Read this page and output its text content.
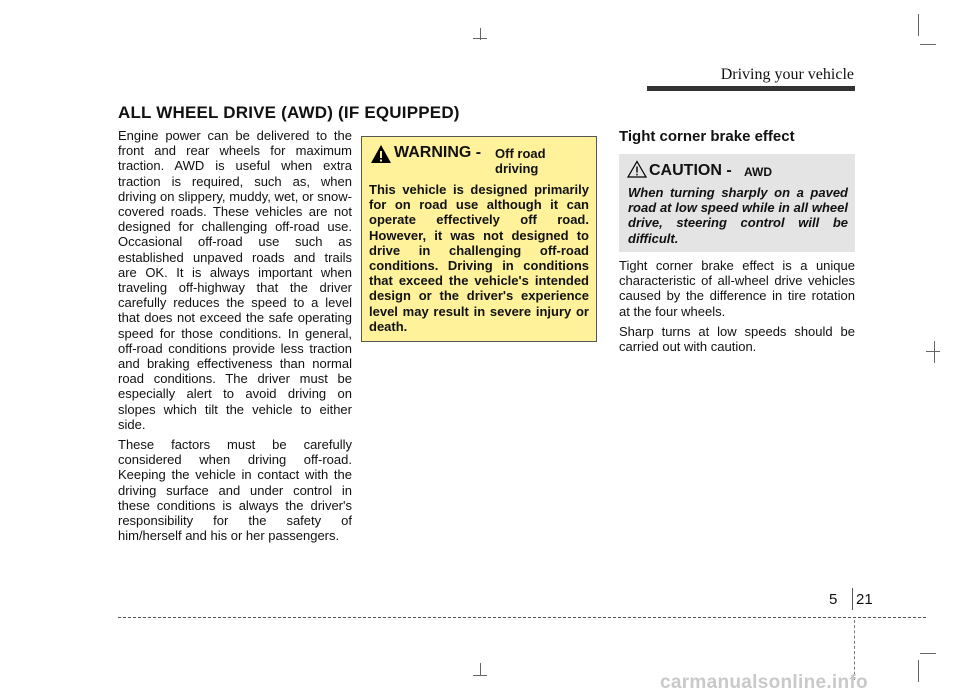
Driving your vehicle
ALL WHEEL DRIVE (AWD) (IF EQUIPPED)

Engine power can be delivered to the front and rear wheels for maximum traction. AWD is useful when extra traction is required, such as, when driving on slippery, muddy, wet, or snow-covered roads. These vehicles are not designed for challenging off-road use. Occasional off-road use such as established unpaved roads and trails are OK. It is always important when traveling off-highway that the driver carefully reduces the speed to a level that does not exceed the safe operating speed for those conditions. In general, off-road conditions provide less traction and braking effectiveness than normal road conditions. The driver must be especially alert to avoid driving on slopes which tilt the vehicle to either side.

These factors must be carefully considered when driving off-road. Keeping the vehicle in contact with the driving surface and under control in these conditions is always the driver's responsibility for the safety of him/herself and his or her passengers.

WARNING - Off road
driving
This vehicle is designed primarily for on road use although it can operate effectively off road. However, it was not designed to drive in challenging off-road conditions. Driving in conditions that exceed the vehicle's intended design or the driver's experience level may result in severe injury or death.
Tight corner brake effect
CAUTION - AWD
When turning sharply on a paved road at low speed while in all wheel drive, steering control will be difficult.

Tight corner brake effect is a unique characteristic of all-wheel drive vehicles caused by the difference in tire rotation at the four wheels.

Sharp turns at low speeds should be carried out with caution.

5 21
carmanualsonline.info
